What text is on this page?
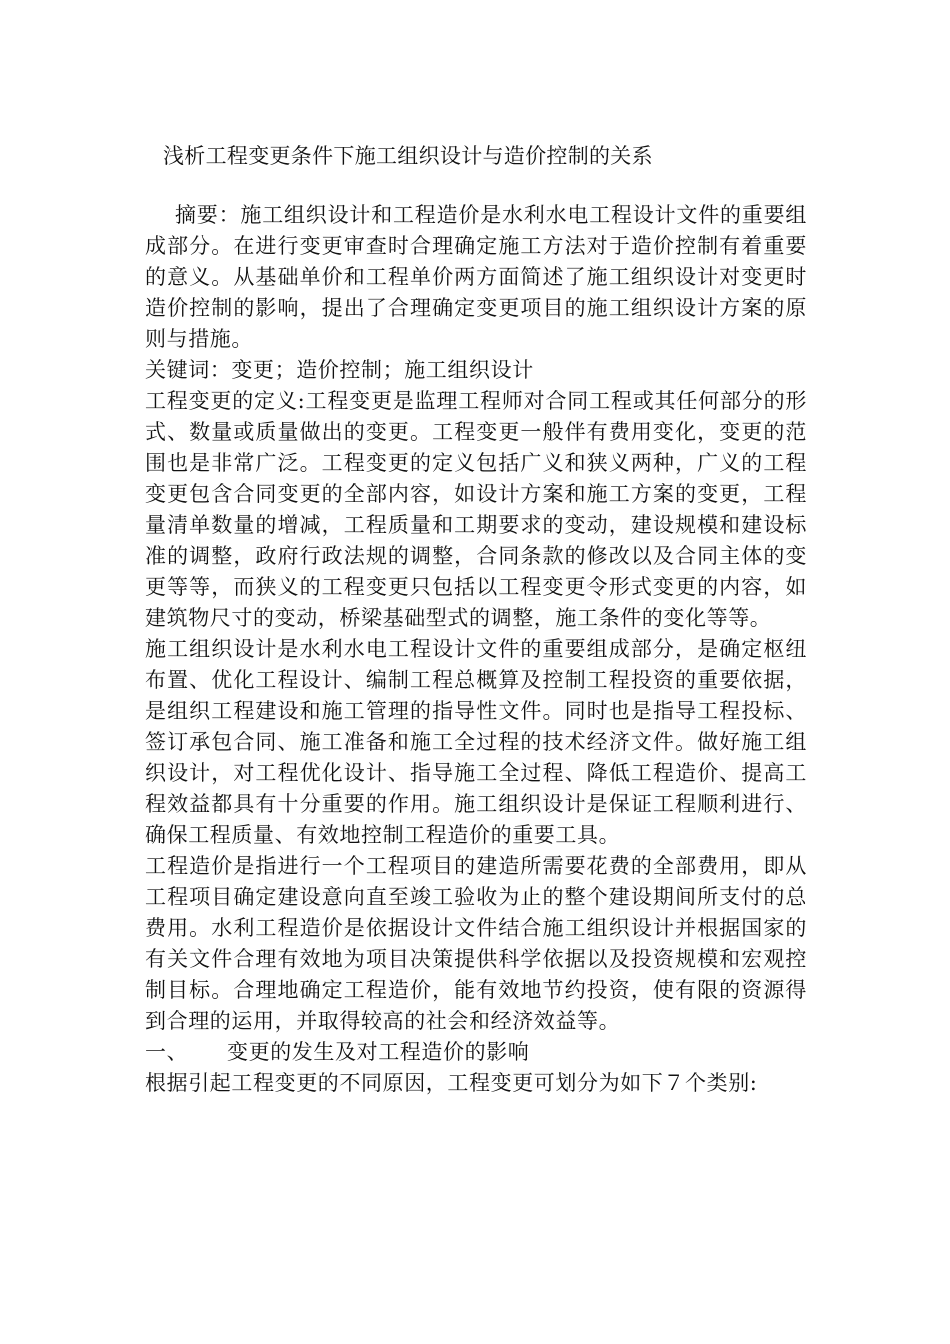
浅析工程变更条件下施工组织设计与造价控制的关系

摘要：施工组织设计和工程造价是水利水电工程设计文件的重要组成部分。在进行变更审查时合理确定施工方法对于造价控制有着重要的意义。从基础单价和工程单价两方面简述了施工组织设计对变更时造价控制的影响，提出了合理确定变更项目的施工组织设计方案的原则与措施。

关键词：变更；造价控制；施工组织设计

工程变更的定义:工程变更是监理工程师对合同工程或其任何部分的形式、数量或质量做出的变更。工程变更一般伴有费用变化，变更的范围也是非常广泛。工程变更的定义包括广义和狭义两种，广义的工程变更包含合同变更的全部内容，如设计方案和施工方案的变更，工程量清单数量的增减，工程质量和工期要求的变动，建设规模和建设标准的调整，政府行政法规的调整，合同条款的修改以及合同主体的变更等等，而狭义的工程变更只包括以工程变更令形式变更的内容，如建筑物尺寸的变动，桥梁基础型式的调整，施工条件的变化等等。

施工组织设计是水利水电工程设计文件的重要组成部分，是确定枢纽布置、优化工程设计、编制工程总概算及控制工程投资的重要依据，是组织工程建设和施工管理的指导性文件。同时也是指导工程投标、签订承包合同、施工准备和施工全过程的技术经济文件。做好施工组织设计，对工程优化设计、指导施工全过程、降低工程造价、提高工程效益都具有十分重要的作用。施工组织设计是保证工程顺利进行、确保工程质量、有效地控制工程造价的重要工具。

工程造价是指进行一个工程项目的建造所需要花费的全部费用，即从工程项目确定建设意向直至竣工验收为止的整个建设期间所支付的总费用。水利工程造价是依据设计文件结合施工组织设计并根据国家的有关文件合理有效地为项目决策提供科学依据以及投资规模和宏观控制目标。合理地确定工程造价，能有效地节约投资，使有限的资源得到合理的运用，并取得较高的社会和经济效益等。

一、 变更的发生及对工程造价的影响

根据引起工程变更的不同原因，工程变更可划分为如下７个类别:
